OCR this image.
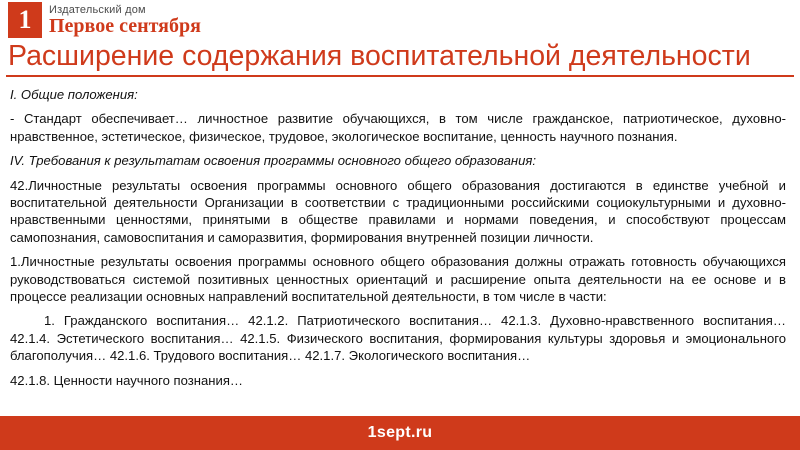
1 Издательский дом
Первое сентября
Расширение содержания воспитательной деятельности

I. Общие положения:

- Стандарт обеспечивает… личностное развитие обучающихся, в том числе гражданское, патриотическое, духовно-нравственное, эстетическое, физическое, трудовое, экологическое воспитание, ценность научного познания.

IV. Требования к результатам освоения программы основного общего образования:

42.Личностные результаты освоения программы основного общего образования достигаются в единстве учебной и воспитательной деятельности Организации в соответствии с традиционными российскими социокультурными и духовно-нравственными ценностями, принятыми в обществе правилами и нормами поведения, и способствуют процессам самопознания, самовоспитания и саморазвития, формирования внутренней позиции личности.

1.Личностные результаты освоения программы основного общего образования должны отражать готовность обучающихся руководствоваться системой позитивных ценностных ориентаций и расширение опыта деятельности на ее основе и в процессе реализации основных направлений воспитательной деятельности, в том числе в части:

1. Гражданского воспитания… 42.1.2. Патриотического воспитания… 42.1.3. Духовно-нравственного воспитания… 42.1.4. Эстетического воспитания… 42.1.5. Физического воспитания, формирования культуры здоровья и эмоционального благополучия… 42.1.6. Трудового воспитания… 42.1.7. Экологического воспитания…

42.1.8. Ценности научного познания…

1sept.ru
